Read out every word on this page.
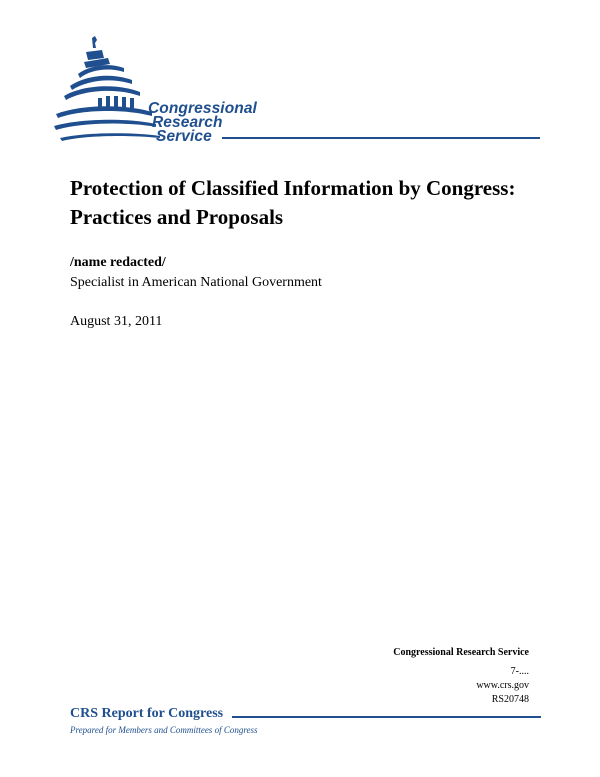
Congressional
Research
Service
Protection of Classified Information by Congress: Practices and Proposals
/name redacted/
Specialist in American National Government
August 31, 2011
Congressional Research Service
7-....
www.crs.gov
RS20748
CRS Report for Congress
Prepared for Members and Committees of Congress
